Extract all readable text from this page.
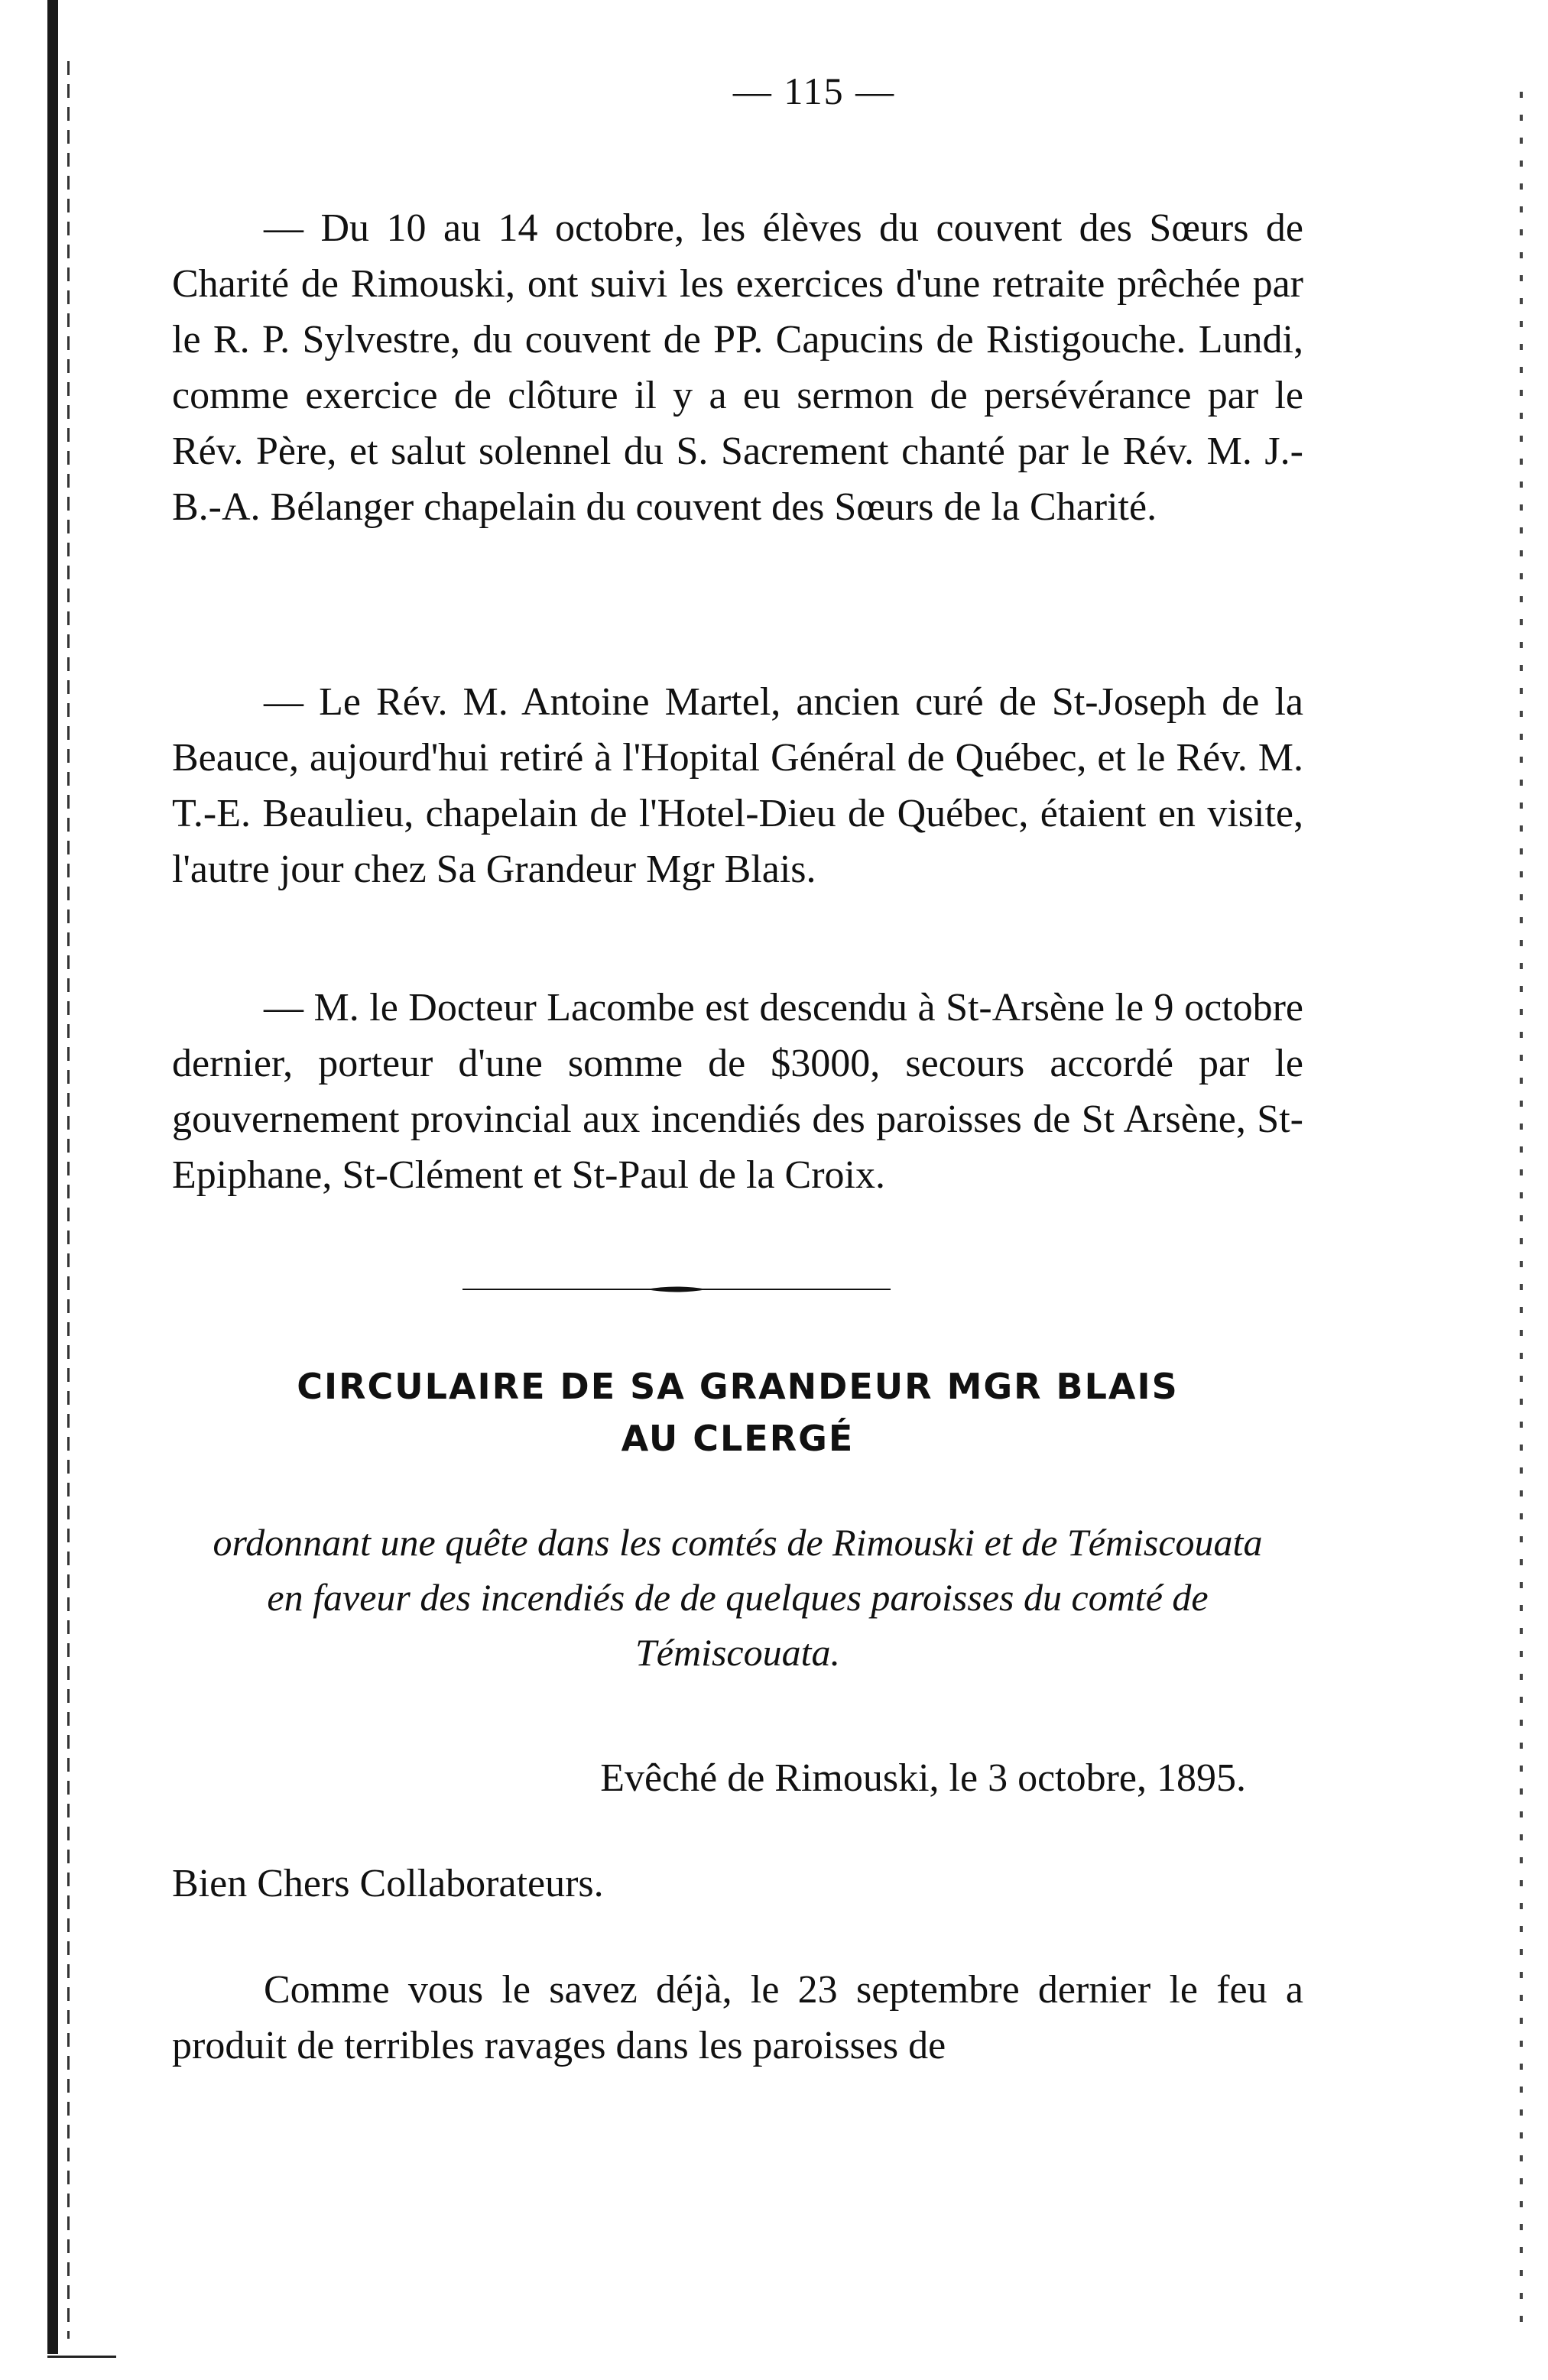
— 115 —

— Du 10 au 14 octobre, les élèves du couvent des Sœurs de Charité de Rimouski, ont suivi les exercices d'une retraite prêchée par le R. P. Sylvestre, du couvent de PP. Capucins de Ristigouche. Lundi, comme exercice de clôture il y a eu sermon de persévérance par le Rév. Père, et salut solennel du S. Sacrement chanté par le Rév. M. J.-B.-A. Bélanger chapelain du couvent des Sœurs de la Charité.

— Le Rév. M. Antoine Martel, ancien curé de St-Joseph de la Beauce, aujourd'hui retiré à l'Hopital Général de Québec, et le Rév. M. T.-E. Beaulieu, chapelain de l'Hotel-Dieu de Québec, étaient en visite, l'autre jour chez Sa Grandeur Mgr Blais.

— M. le Docteur Lacombe est descendu à St-Arsène le 9 octobre dernier, porteur d'une somme de $3000, secours accordé par le gouvernement provincial aux incendiés des paroisses de St Arsène, St-Epiphane, St-Clément et St-Paul de la Croix.

CIRCULAIRE DE SA GRANDEUR MGR BLAIS
AU CLERGÉ

ordonnant une quête dans les comtés de Rimouski et de Témiscouata en faveur des incendiés de de quelques paroisses du comté de Témiscouata.

Evêché de Rimouski, le 3 octobre, 1895.
Bien Chers Collaborateurs.

Comme vous le savez déjà, le 23 septembre dernier le feu a produit de terribles ravages dans les paroisses de
